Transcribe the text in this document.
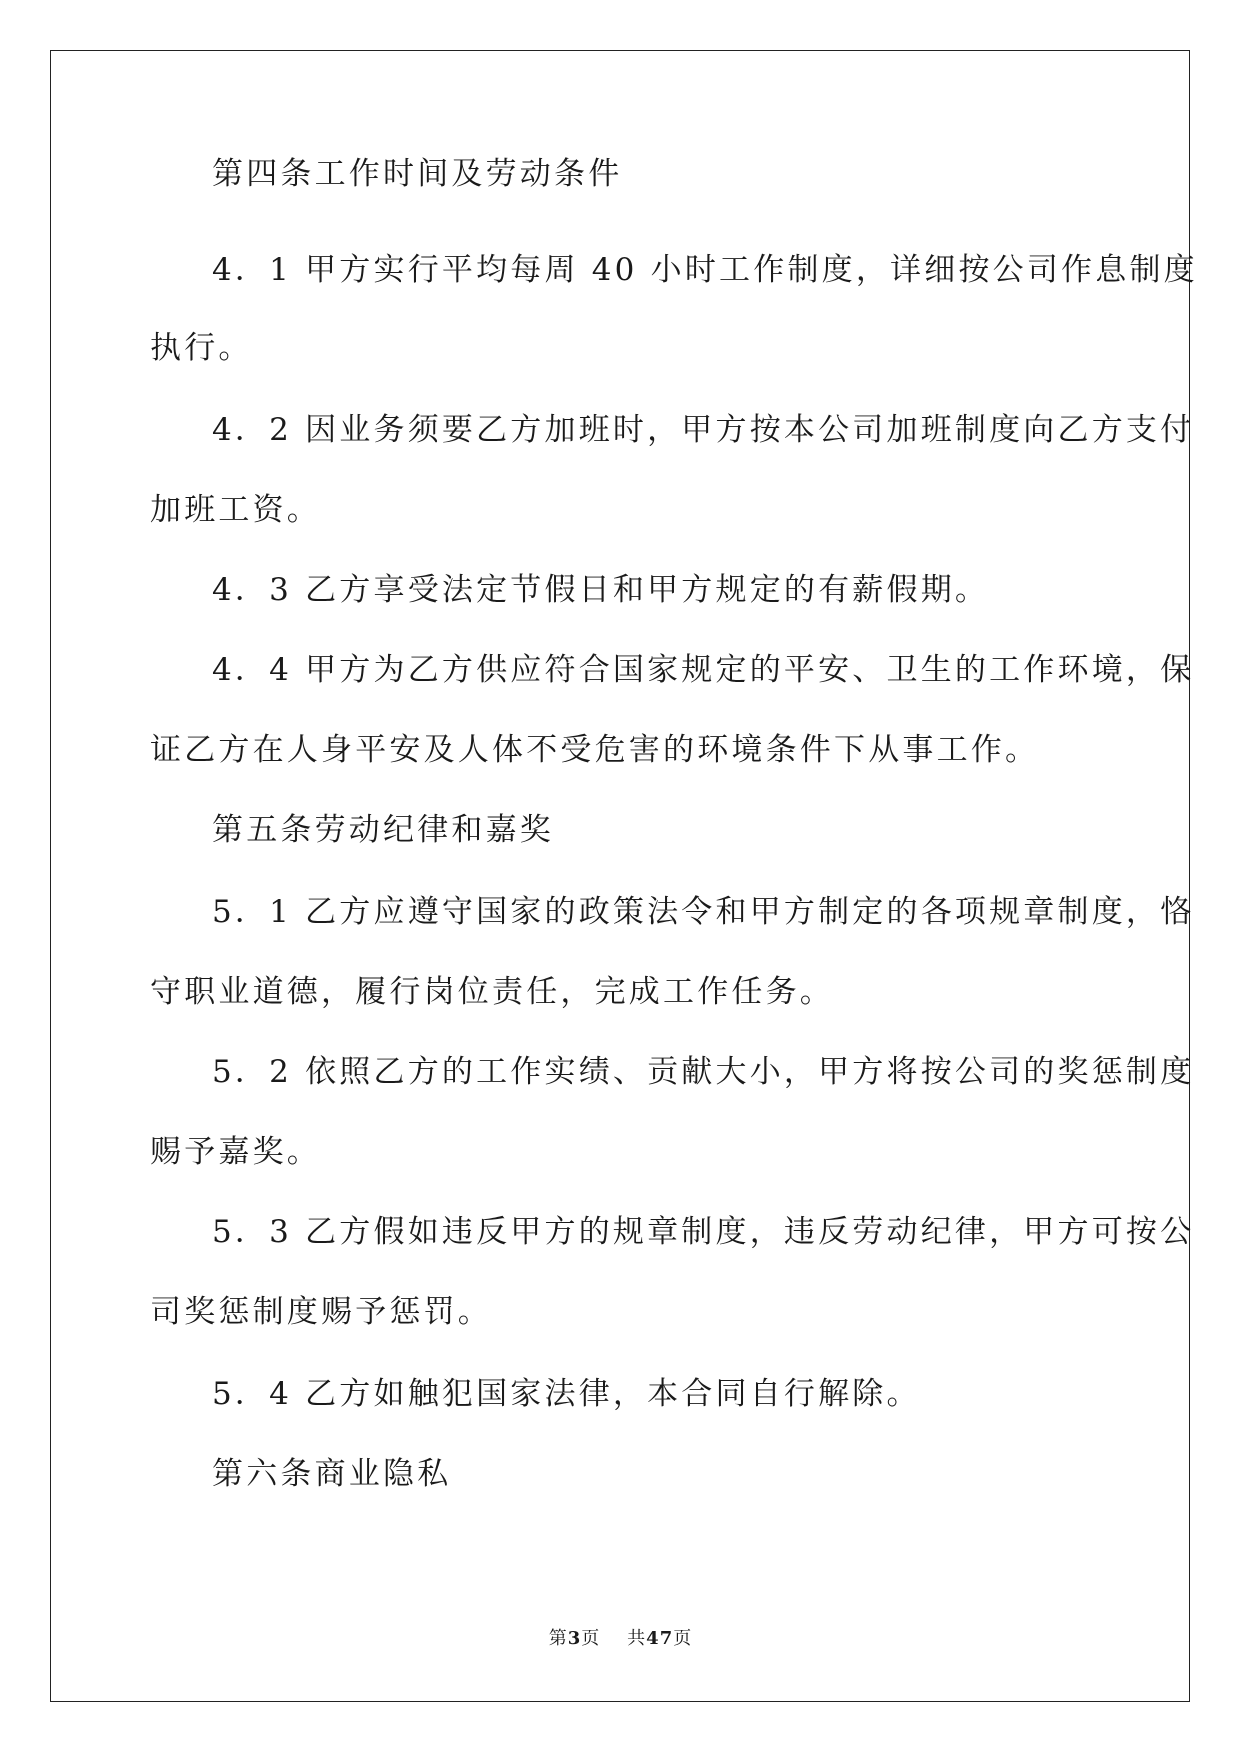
第四条工作时间及劳动条件
4．1 甲方实行平均每周 40 小时工作制度，详细按公司作息制度
执行。
4．2 因业务须要乙方加班时，甲方按本公司加班制度向乙方支付
加班工资。
4．3 乙方享受法定节假日和甲方规定的有薪假期。
4．4 甲方为乙方供应符合国家规定的平安、卫生的工作环境，保
证乙方在人身平安及人体不受危害的环境条件下从事工作。
第五条劳动纪律和嘉奖
5．1 乙方应遵守国家的政策法令和甲方制定的各项规章制度，恪
守职业道德，履行岗位责任，完成工作任务。
5．2 依照乙方的工作实绩、贡献大小，甲方将按公司的奖惩制度
赐予嘉奖。
5．3 乙方假如违反甲方的规章制度，违反劳动纪律，甲方可按公
司奖惩制度赐予惩罚。
5．4 乙方如触犯国家法律，本合同自行解除。
第六条商业隐私
第3页 共47页
